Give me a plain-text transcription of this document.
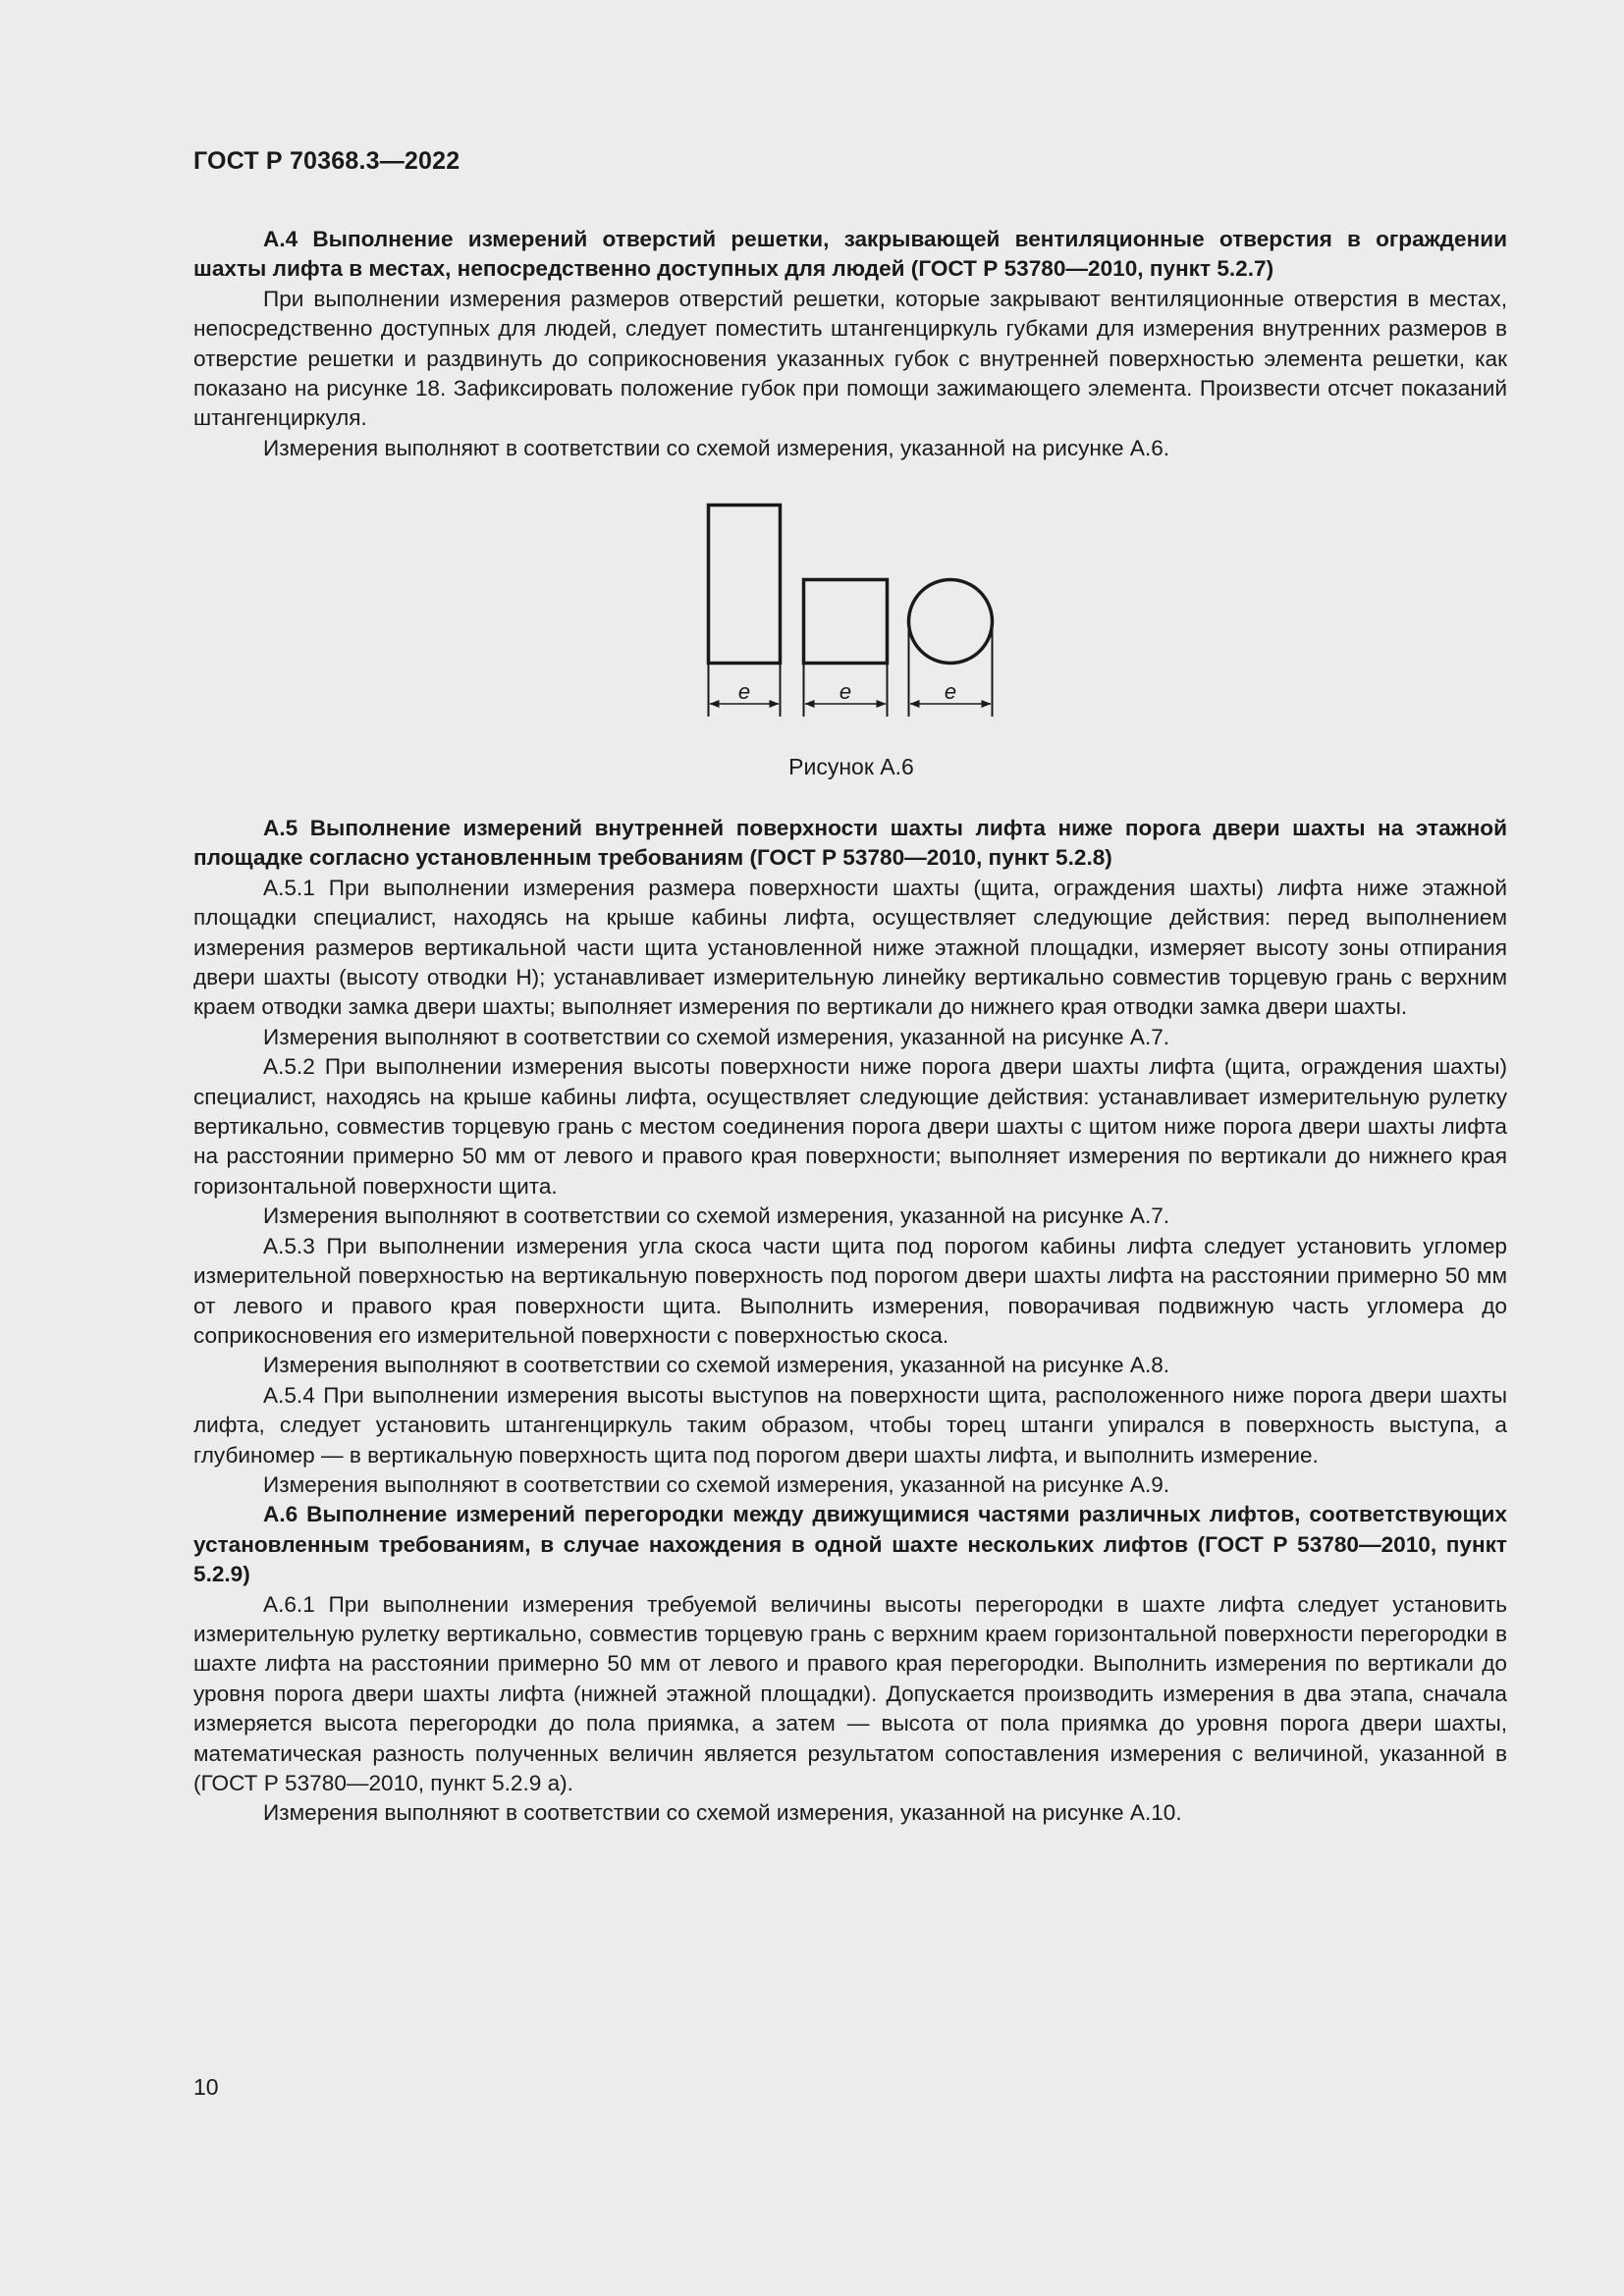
ГОСТ Р 70368.3—2022

А.4 Выполнение измерений отверстий решетки, закрывающей вентиляционные отверстия в ограждении шахты лифта в местах, непосредственно доступных для людей (ГОСТ Р 53780—2010, пункт 5.2.7)

При выполнении измерения размеров отверстий решетки, которые закрывают вентиляционные отверстия в местах, непосредственно доступных для людей, следует поместить штангенциркуль губками для измерения внутренних размеров в отверстие решетки и раздвинуть до соприкосновения указанных губок с внутренней поверхностью элемента решетки, как показано на рисунке 18. Зафиксировать положение губок при помощи зажимающего элемента. Произвести отсчет показаний штангенциркуля.

Измерения выполняют в соответствии со схемой измерения, указанной на рисунке А.6.

e	e	e
Рисунок А.6

А.5 Выполнение измерений внутренней поверхности шахты лифта ниже порога двери шахты на этажной площадке согласно установленным требованиям (ГОСТ Р 53780—2010, пункт 5.2.8)

А.5.1 При выполнении измерения размера поверхности шахты (щита, ограждения шахты) лифта ниже этажной площадки специалист, находясь на крыше кабины лифта, осуществляет следующие действия: перед выполнением измерения размеров вертикальной части щита установленной ниже этажной площадки, измеряет высоту зоны отпирания двери шахты (высоту отводки Н); устанавливает измерительную линейку вертикально совместив торцевую грань с верхним краем отводки замка двери шахты; выполняет измерения по вертикали до нижнего края отводки замка двери шахты.

Измерения выполняют в соответствии со схемой измерения, указанной на рисунке А.7.

А.5.2 При выполнении измерения высоты поверхности ниже порога двери шахты лифта (щита, ограждения шахты) специалист, находясь на крыше кабины лифта, осуществляет следующие действия: устанавливает измерительную рулетку вертикально, совместив торцевую грань с местом соединения порога двери шахты с щитом ниже порога двери шахты лифта на расстоянии примерно 50 мм от левого и правого края поверхности; выполняет измерения по вертикали до нижнего края горизонтальной поверхности щита.

Измерения выполняют в соответствии со схемой измерения, указанной на рисунке А.7.

А.5.3 При выполнении измерения угла скоса части щита под порогом кабины лифта следует установить угломер измерительной поверхностью на вертикальную поверхность под порогом двери шахты лифта на расстоянии примерно 50 мм от левого и правого края поверхности щита. Выполнить измерения, поворачивая подвижную часть угломера до соприкосновения его измерительной поверхности с поверхностью скоса.

Измерения выполняют в соответствии со схемой измерения, указанной на рисунке А.8.

А.5.4 При выполнении измерения высоты выступов на поверхности щита, расположенного ниже порога двери шахты лифта, следует установить штангенциркуль таким образом, чтобы торец штанги упирался в поверхность выступа, а глубиномер — в вертикальную поверхность щита под порогом двери шахты лифта, и выполнить измерение.

Измерения выполняют в соответствии со схемой измерения, указанной на рисунке А.9.

А.6 Выполнение измерений перегородки между движущимися частями различных лифтов, соответствующих установленным требованиям, в случае нахождения в одной шахте нескольких лифтов (ГОСТ Р 53780—2010, пункт 5.2.9)

А.6.1 При выполнении измерения требуемой величины высоты перегородки в шахте лифта следует установить измерительную рулетку вертикально, совместив торцевую грань с верхним краем горизонтальной поверхности перегородки в шахте лифта на расстоянии примерно 50 мм от левого и правого края перегородки. Выполнить измерения по вертикали до уровня порога двери шахты лифта (нижней этажной площадки). Допускается производить измерения в два этапа, сначала измеряется высота перегородки до пола приямка, а затем — высота от пола приямка до уровня порога двери шахты, математическая разность полученных величин является результатом сопоставления измерения с величиной, указанной в (ГОСТ Р 53780—2010, пункт 5.2.9 а).

Измерения выполняют в соответствии со схемой измерения, указанной на рисунке А.10.

10
